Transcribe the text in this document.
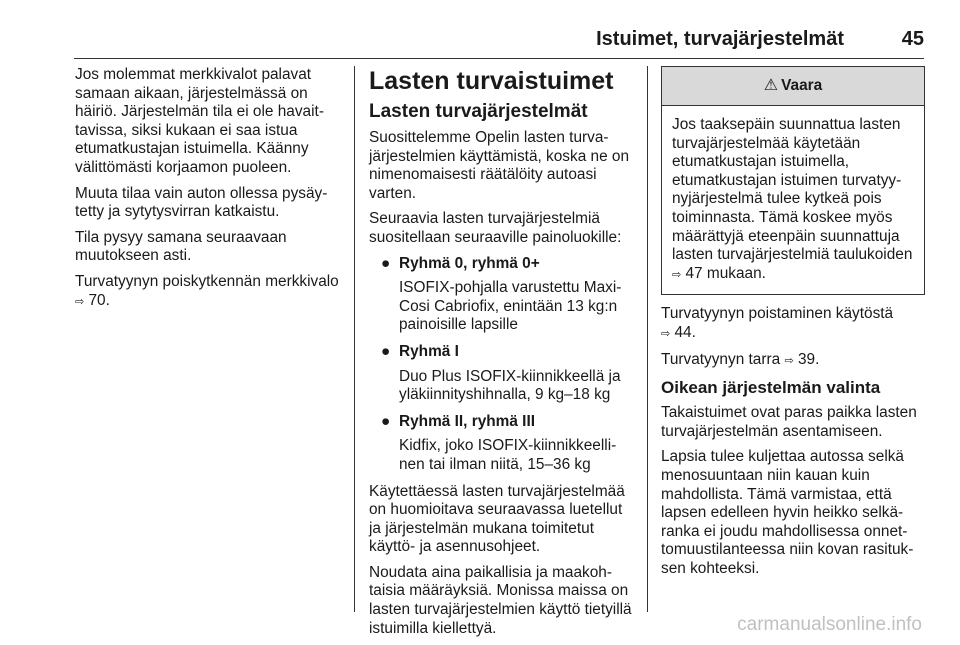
Istuimet, turvajärjestelmät	45

Jos molemmat merkkivalot palavat samaan aikaan, järjestelmässä on häiriö. Järjestelmän tila ei ole havaittavissa, siksi kukaan ei saa istua etumatkustajan istuimella. Käänny välittömästi korjaamon puoleen.

Muuta tilaa vain auton ollessa pysäytetty ja sytytysvirran katkaistu.

Tila pysyy samana seuraavaan muutokseen asti.

Turvatyynyn poiskytkennän merkkivalo ⇨ 70.

Lasten turvaistuimet
Lasten turvajärjestelmät

Suosittelemme Opelin lasten turvajärjestelmien käyttämistä, koska ne on nimenomaisesti räätälöity autoasi varten.

Seuraavia lasten turvajärjestelmiä suositellaan seuraaville painoluokille:

● Ryhmä 0, ryhmä 0+
ISOFIX-pohjalla varustettu Maxi-Cosi Cabriofix, enintään 13 kg:n painoisille lapsille
● Ryhmä I
Duo Plus ISOFIX-kiinnikkeellä ja yläkiinnityshihnalla, 9 kg–18 kg
● Ryhmä II, ryhmä III
Kidfix, joko ISOFIX-kiinnikkeellinen tai ilman niitä, 15–36 kg

Käytettäessä lasten turvajärjestelmää on huomioitava seuraavassa luetellut ja järjestelmän mukana toimitetut käyttö- ja asennusohjeet.

Noudata aina paikallisia ja maakohtaisia määräyksiä. Monissa maissa on lasten turvajärjestelmien käyttö tietyillä istuimilla kiellettyä.

⚠ Vaara
Jos taaksepäin suunnattua lasten turvajärjestelmää käytetään etumatkustajan istuimella, etumatkustajan istuimen turvatyynyjärjestelmä tulee kytkeä pois toiminnasta. Tämä koskee myös määrättyjä eteenpäin suunnattuja lasten turvajärjestelmiä taulukoiden ⇨ 47 mukaan.

Turvatyynyn poistaminen käytöstä
⇨ 44.

Turvatyynyn tarra ⇨ 39.

Oikean järjestelmän valinta

Takaistuimet ovat paras paikka lasten turvajärjestelmän asentamiseen.

Lapsia tulee kuljettaa autossa selkä menosuuntaan niin kauan kuin mahdollista. Tämä varmistaa, että lapsen edelleen hyvin heikko selkäranka ei joudu mahdollisessa onnettomuustilanteessa niin kovan rasituksen kohteeksi.

carmanualsonline.info
